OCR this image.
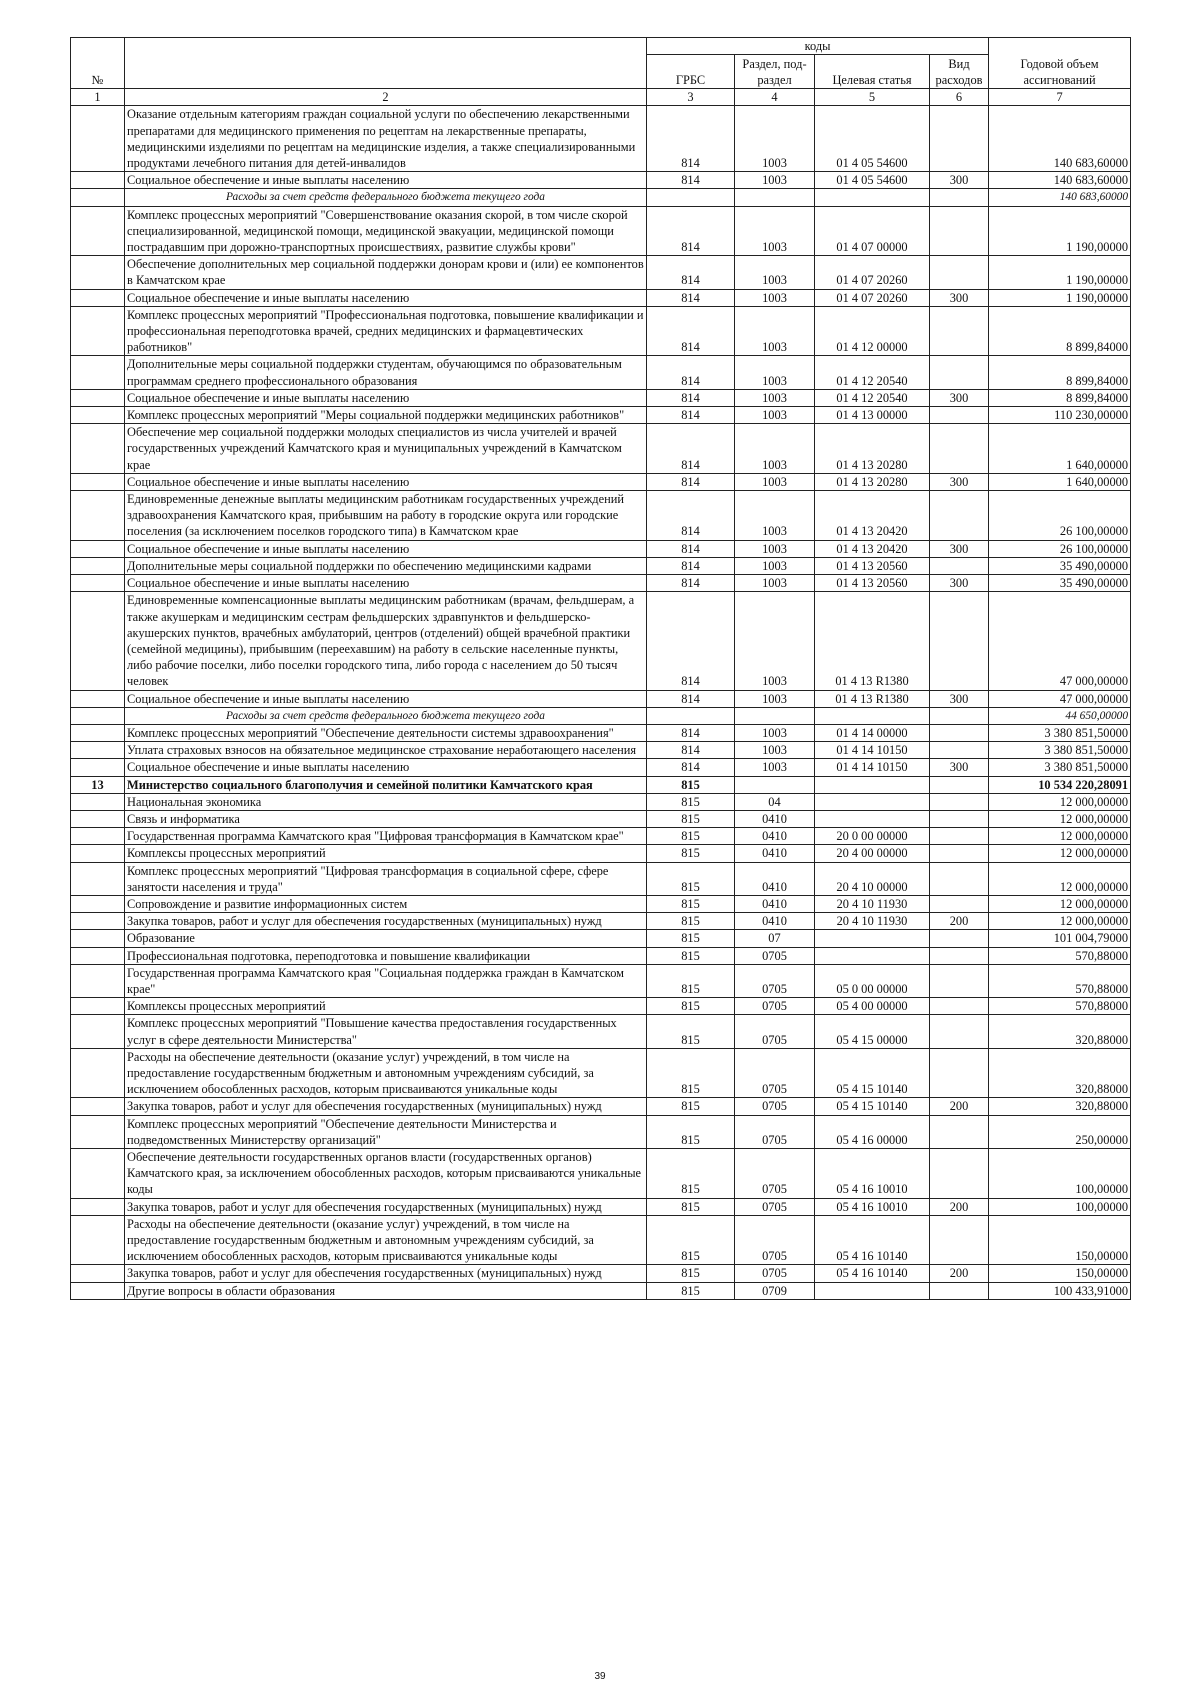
№		коды				Годовой объем ассигнований
		ГРБС	Раздел, под-раздел	Целевая статья	Вид расходов	
1	2	3	4	5	6	7
	Оказание отдельным категориям граждан социальной услуги по обеспечению лекарственными препаратами для медицинского применения по рецептам на лекарственные препараты, медицинскими изделиями по рецептам на медицинские изделия, а также специализированными продуктами лечебного питания для детей-инвалидов	814	1003	01 4 05 54600		140 683,60000
	Социальное обеспечение и иные выплаты населению	814	1003	01 4 05 54600	300	140 683,60000
	Расходы за счет средств федерального бюджета текущего года					140 683,60000
	Комплекс процессных мероприятий "Совершенствование оказания скорой, в том числе скорой специализированной, медицинской помощи, медицинской эвакуации, медицинской помощи пострадавшим при дорожно-транспортных происшествиях, развитие службы крови"	814	1003	01 4 07 00000		1 190,00000
	Обеспечение дополнительных мер социальной поддержки донорам крови и (или) ее компонентов в Камчатском крае	814	1003	01 4 07 20260		1 190,00000
	Социальное обеспечение и иные выплаты населению	814	1003	01 4 07 20260	300	1 190,00000
	Комплекс процессных мероприятий "Профессиональная подготовка, повышение квалификации и профессиональная переподготовка врачей, средних медицинских и фармацевтических работников"	814	1003	01 4 12 00000		8 899,84000
	Дополнительные меры социальной поддержки студентам, обучающимся по образовательным программам среднего профессионального образования	814	1003	01 4 12 20540		8 899,84000
	Социальное обеспечение и иные выплаты населению	814	1003	01 4 12 20540	300	8 899,84000
	Комплекс процессных мероприятий "Меры социальной поддержки медицинских работников"	814	1003	01 4 13 00000		110 230,00000
	Обеспечение мер социальной поддержки молодых специалистов из числа учителей и врачей государственных учреждений Камчатского края и муниципальных учреждений в Камчатском крае	814	1003	01 4 13 20280		1 640,00000
	Социальное обеспечение и иные выплаты населению	814	1003	01 4 13 20280	300	1 640,00000
	Единовременные денежные выплаты медицинским работникам государственных учреждений здравоохранения Камчатского края, прибывшим на работу в городские округа или городские поселения (за исключением поселков городского типа) в Камчатском крае	814	1003	01 4 13 20420		26 100,00000
	Социальное обеспечение и иные выплаты населению	814	1003	01 4 13 20420	300	26 100,00000
	Дополнительные меры социальной поддержки по обеспечению медицинскими кадрами	814	1003	01 4 13 20560		35 490,00000
	Социальное обеспечение и иные выплаты населению	814	1003	01 4 13 20560	300	35 490,00000
	Единовременные компенсационные выплаты медицинским работникам (врачам, фельдшерам, а также акушеркам и медицинским сестрам фельдшерских здравпунктов и фельдшерско-акушерских пунктов, врачебных амбулаторий, центров (отделений) общей врачебной практики (семейной медицины), прибывшим (переехавшим) на работу в сельские населенные пункты, либо рабочие поселки, либо поселки городского типа, либо города с населением до 50 тысяч человек	814	1003	01 4 13 R1380		47 000,00000
	Социальное обеспечение и иные выплаты населению	814	1003	01 4 13 R1380	300	47 000,00000
	Расходы за счет средств федерального бюджета текущего года					44 650,00000
	Комплекс процессных мероприятий "Обеспечение деятельности системы здравоохранения"	814	1003	01 4 14 00000		3 380 851,50000
	Уплата страховых взносов на обязательное медицинское страхование неработающего населения	814	1003	01 4 14 10150		3 380 851,50000
	Социальное обеспечение и иные выплаты населению	814	1003	01 4 14 10150	300	3 380 851,50000
13	Министерство социального благополучия и семейной политики Камчатского края	815				10 534 220,28091
	Национальная экономика	815	04			12 000,00000
	Связь и информатика	815	0410			12 000,00000
	Государственная программа Камчатского края "Цифровая трансформация в Камчатском крае"	815	0410	20 0 00 00000		12 000,00000
	Комплексы процессных мероприятий	815	0410	20 4 00 00000		12 000,00000
	Комплекс процессных мероприятий "Цифровая трансформация в социальной сфере, сфере занятости населения и труда"	815	0410	20 4 10 00000		12 000,00000
	Сопровождение и развитие информационных систем	815	0410	20 4 10 11930		12 000,00000
	Закупка товаров, работ и услуг для обеспечения государственных (муниципальных) нужд	815	0410	20 4 10 11930	200	12 000,00000
	Образование	815	07			101 004,79000
	Профессиональная подготовка, переподготовка и повышение квалификации	815	0705			570,88000
	Государственная программа Камчатского края "Социальная поддержка граждан в Камчатском крае"	815	0705	05 0 00 00000		570,88000
	Комплексы процессных мероприятий	815	0705	05 4 00 00000		570,88000
	Комплекс процессных мероприятий "Повышение качества предоставления государственных услуг в сфере деятельности Министерства"	815	0705	05 4 15 00000		320,88000
	Расходы на обеспечение деятельности (оказание услуг) учреждений, в том числе на предоставление государственным бюджетным и автономным учреждениям субсидий, за исключением обособленных расходов, которым присваиваются уникальные коды	815	0705	05 4 15 10140		320,88000
	Закупка товаров, работ и услуг для обеспечения государственных (муниципальных) нужд	815	0705	05 4 15 10140	200	320,88000
	Комплекс процессных мероприятий "Обеспечение деятельности Министерства и подведомственных Министерству организаций"	815	0705	05 4 16 00000		250,00000
	Обеспечение деятельности государственных органов власти (государственных органов) Камчатского края, за исключением обособленных расходов, которым присваиваются уникальные коды	815	0705	05 4 16 10010		100,00000
	Закупка товаров, работ и услуг для обеспечения государственных (муниципальных) нужд	815	0705	05 4 16 10010	200	100,00000
	Расходы на обеспечение деятельности (оказание услуг) учреждений, в том числе на предоставление государственным бюджетным и автономным учреждениям субсидий, за исключением обособленных расходов, которым присваиваются уникальные коды	815	0705	05 4 16 10140		150,00000
	Закупка товаров, работ и услуг для обеспечения государственных (муниципальных) нужд	815	0705	05 4 16 10140	200	150,00000
	Другие вопросы в области образования	815	0709			100 433,91000
39
